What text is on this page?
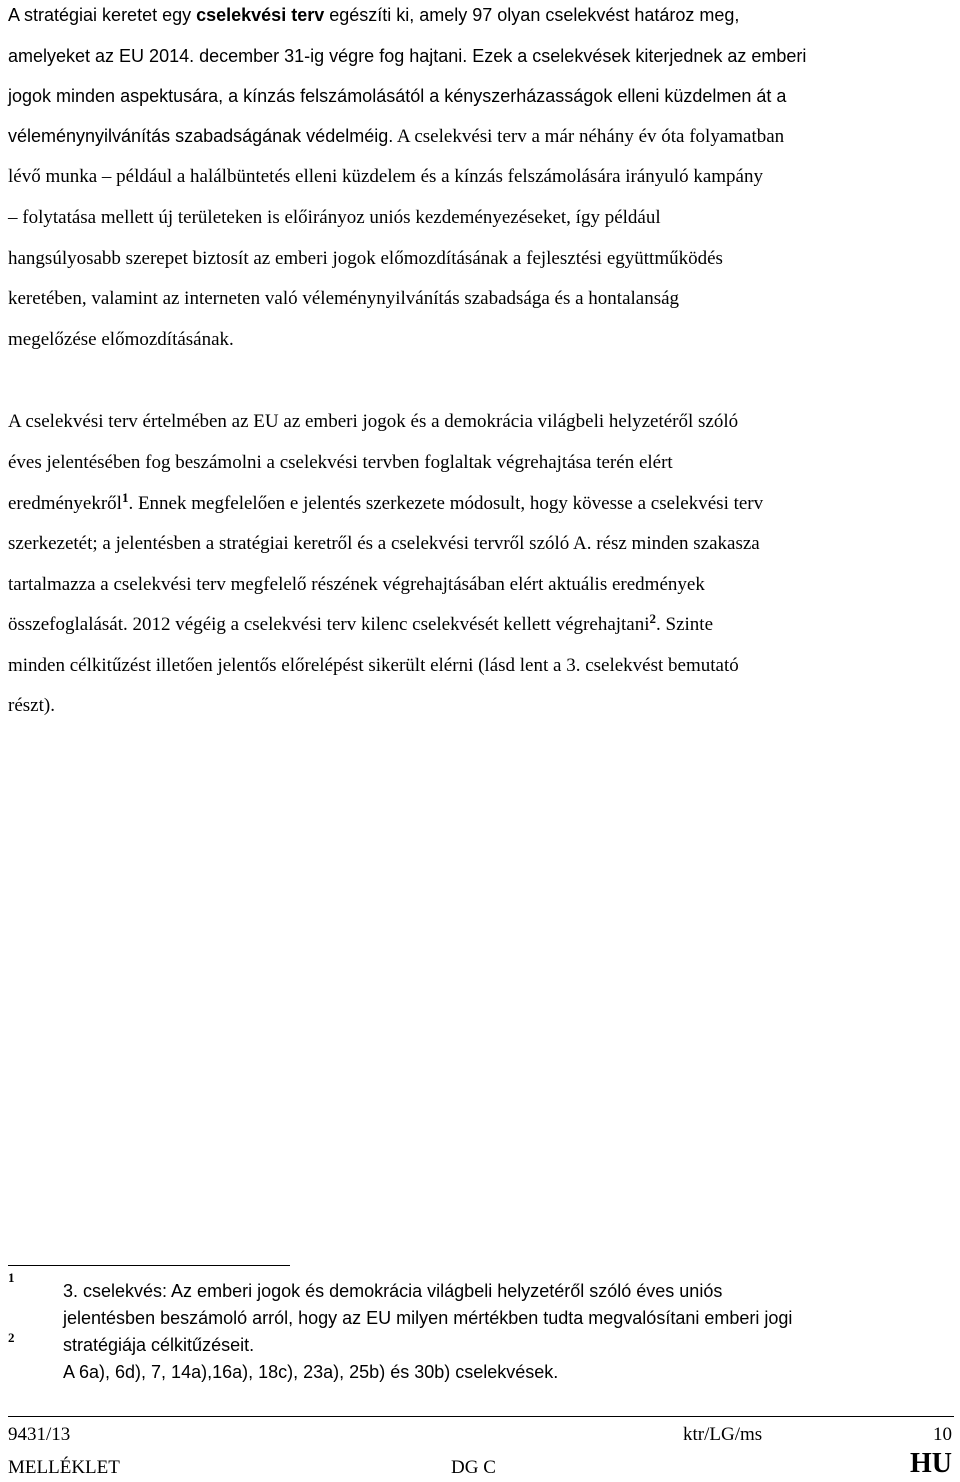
A stratégiai keretet egy cselekvési terv egészíti ki, amely 97 olyan cselekvést határoz meg,
amelyeket az EU 2014. december 31-ig végre fog hajtani. Ezek a cselekvések kiterjednek az emberi
jogok minden aspektusára, a kínzás felszámolásától a kényszerházasságok elleni küzdelmen át a
véleménynyilvánítás szabadságának védelméig. A cselekvési terv a már néhány év óta folyamatban
lévő munka – például a halálbüntetés elleni küzdelem és a kínzás felszámolására irányuló kampány
– folytatása mellett új területeken is előirányoz uniós kezdeményezéseket, így például
hangsúlyosabb szerepet biztosít az emberi jogok előmozdításának a fejlesztési együttműködés
keretében, valamint az interneten való véleménynyilvánítás szabadsága és a hontalanság
megelőzése előmozdításának.
A cselekvési terv értelmében az EU az emberi jogok és a demokrácia világbeli helyzetéről szóló
éves jelentésében fog beszámolni a cselekvési tervben foglaltak végrehajtása terén elért
eredményekről$^1$. Ennek megfelelően e jelentés szerkezete módosult, hogy kövesse a cselekvési terv
szerkezetét; a jelentésben a stratégiai keretről és a cselekvési tervről szóló A. rész minden szakasza
tartalmazza a cselekvési terv megfelelő részének végrehajtásában elért aktuális eredmények
összefoglalását. 2012 végéig a cselekvési terv kilenc cselekvését kellett végrehajtani$^2$. Szinte
minden célkitűzést illetően jelentős előrelépést sikerült elérni (lásd lent a 3. cselekvést bemutató
részt).
1
3. cselekvés: Az emberi jogok és demokrácia világbeli helyzetéről szóló éves uniós
jelentésben beszámoló arról, hogy az EU milyen mértékben tudta megvalósítani emberi jogi
stratégiája célkitűzéseit.
2
A 6a), 6d), 7, 14a),16a), 18c), 23a), 25b) és 30b) cselekvések.
9431/13	ktr/LG/ms	10
MELLÉKLET	DG C	HU
